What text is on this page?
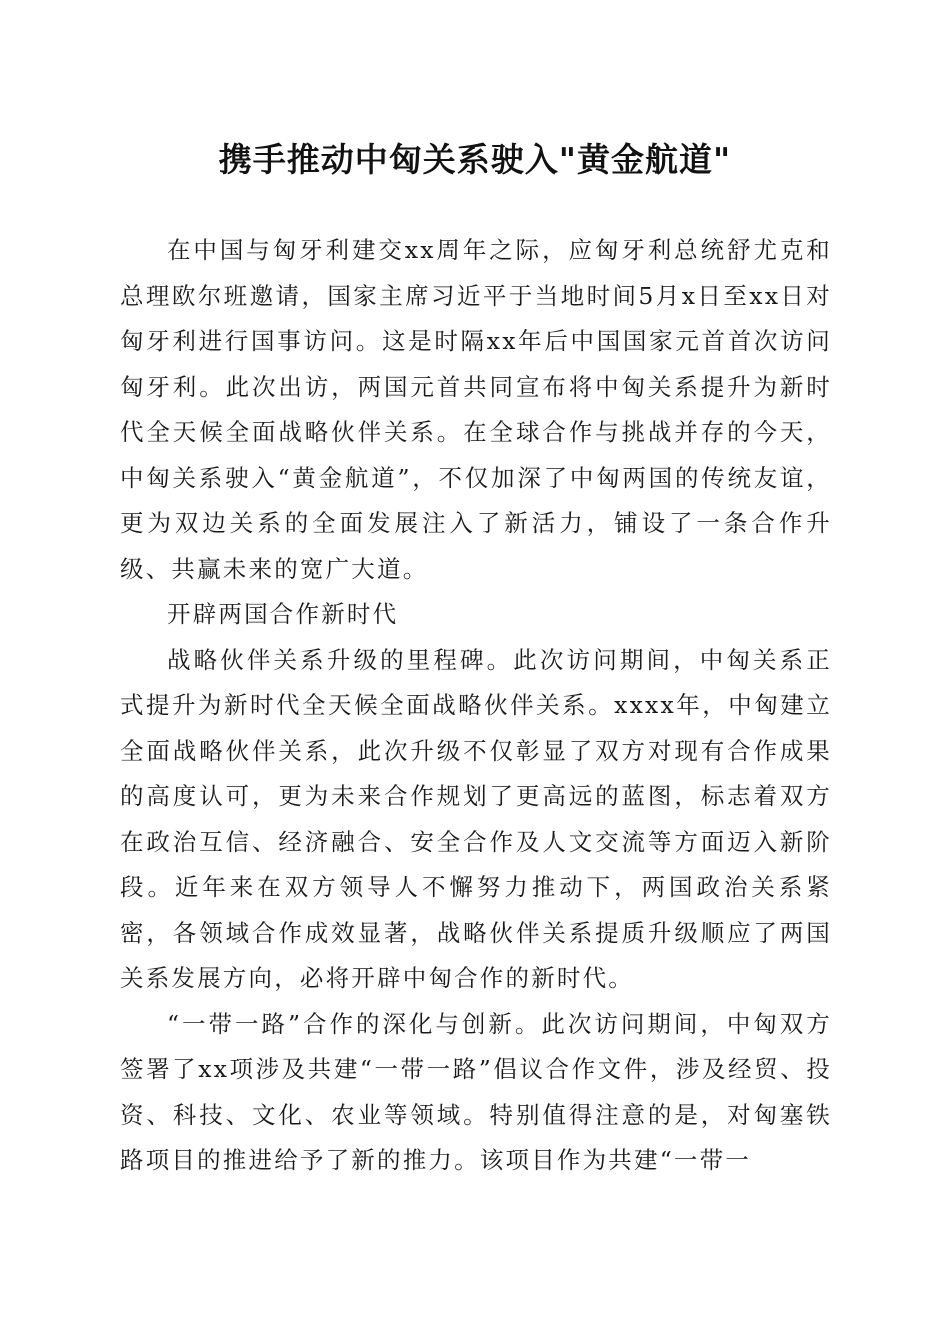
携手推动中匈关系驶入"黄金航道"

在中国与匈牙利建交xx周年之际，应匈牙利总统舒尤克和总理欧尔班邀请，国家主席习近平于当地时间5月x日至xx日对匈牙利进行国事访问。这是时隔xx年后中国国家元首首次访问匈牙利。此次出访，两国元首共同宣布将中匈关系提升为新时代全天候全面战略伙伴关系。在全球合作与挑战并存的今天，中匈关系驶入“黄金航道”，不仅加深了中匈两国的传统友谊，更为双边关系的全面发展注入了新活力，铺设了一条合作升级、共赢未来的宽广大道。

开辟两国合作新时代

战略伙伴关系升级的里程碑。此次访问期间，中匈关系正式提升为新时代全天候全面战略伙伴关系。xxxx年，中匈建立全面战略伙伴关系，此次升级不仅彰显了双方对现有合作成果的高度认可，更为未来合作规划了更高远的蓝图，标志着双方在政治互信、经济融合、安全合作及人文交流等方面迈入新阶段。近年来在双方领导人不懈努力推动下，两国政治关系紧密，各领域合作成效显著，战略伙伴关系提质升级顺应了两国关系发展方向，必将开辟中匈合作的新时代。

“一带一路”合作的深化与创新。此次访问期间，中匈双方签署了xx项涉及共建“一带一路”倡议合作文件，涉及经贸、投资、科技、文化、农业等领域。特别值得注意的是，对匈塞铁路项目的推进给予了新的推力。该项目作为共建“一带一
